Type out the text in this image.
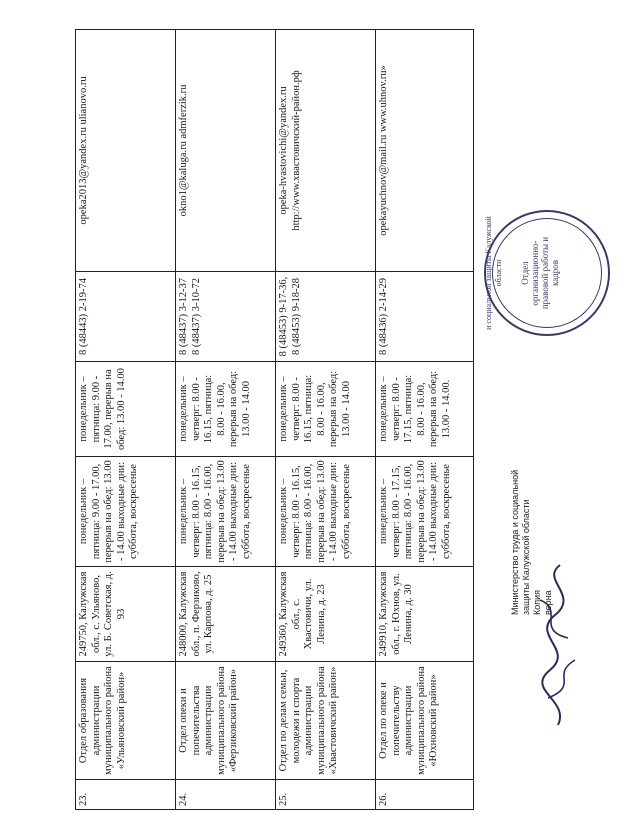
23.	Отдел образования администрации муниципального района «Ульяновский район»	249750, Калужская обл., с. Ульяново, ул. Б. Советская, д. 93	понедельник – пятница: 9.00 - 17.00, перерыв на обед: 13.00 - 14.00 выходные дни: суббота, воскресенье	понедельник – пятница: 9.00 - 17.00, перерыв на обед: 13.00 - 14.00	8 (48443) 2-19-74	opeka2013@yandex.ru ulianovo.ru
24.	Отдел опеки и попечительства администрации муниципального района «Ферзиковский район»	248000, Калужская обл., п. Ферзиково, ул. Карпова, д. 25	понедельник – четверг: 8.00 - 16.15, пятница: 8.00 - 16.00, перерыв на обед: 13.00 - 14.00 выходные дни: суббота, воскресенье	понедельник – четверг: 8.00 - 16.15, пятница: 8.00 - 16.00, перерыв на обед: 13.00 - 14.00	8 (48437) 3-12-37 8 (48437) 3-10-72	okno1@kaluga.ru admferzik.ru
25.	Отдел по делам семьи, молодежи и спорта администрации муниципального района «Хвастовичский район»	249360, Калужская обл., с. Хвастовичи, ул. Ленина, д. 23	понедельник – четверг: 8.00 - 16.15, пятница: 8.00 - 16.00, перерыв на обед: 13.00 - 14.00 выходные дни: суббота, воскресенье	понедельник – четверг: 8.00 - 16.15, пятница: 8.00 - 16.00, перерыв на обед: 13.00 - 14.00	8 (48453) 9-17-36, 8 (48453) 9-18-28	opeka-hvastovichi@yandex.ru http://www.хвастовичский-район.рф
26.	Отдел по опеке и попечительству администрации муниципального района «Юхновский район»	249910, Калужская обл., г. Юхнов, ул. Ленина, д. 30	понедельник – четверг: 8.00 - 17.15, пятница: 8.00 - 16.00, перерыв на обед: 13.00 - 14.00 выходные дни: суббота, воскресенье	понедельник – четверг: 8.00 - 17.15, пятница: 8.00 - 16.00, перерыв на обед: 13.00 - 14.00.	8 (48436) 2-14-29	opekayuchnov@mail.ru www.uhnov.ru»
и социальной защиты Калужской области Отдел организационно-правовой работы и кадров
Министерство труда и социальной защиты Калужской области Копия верна
